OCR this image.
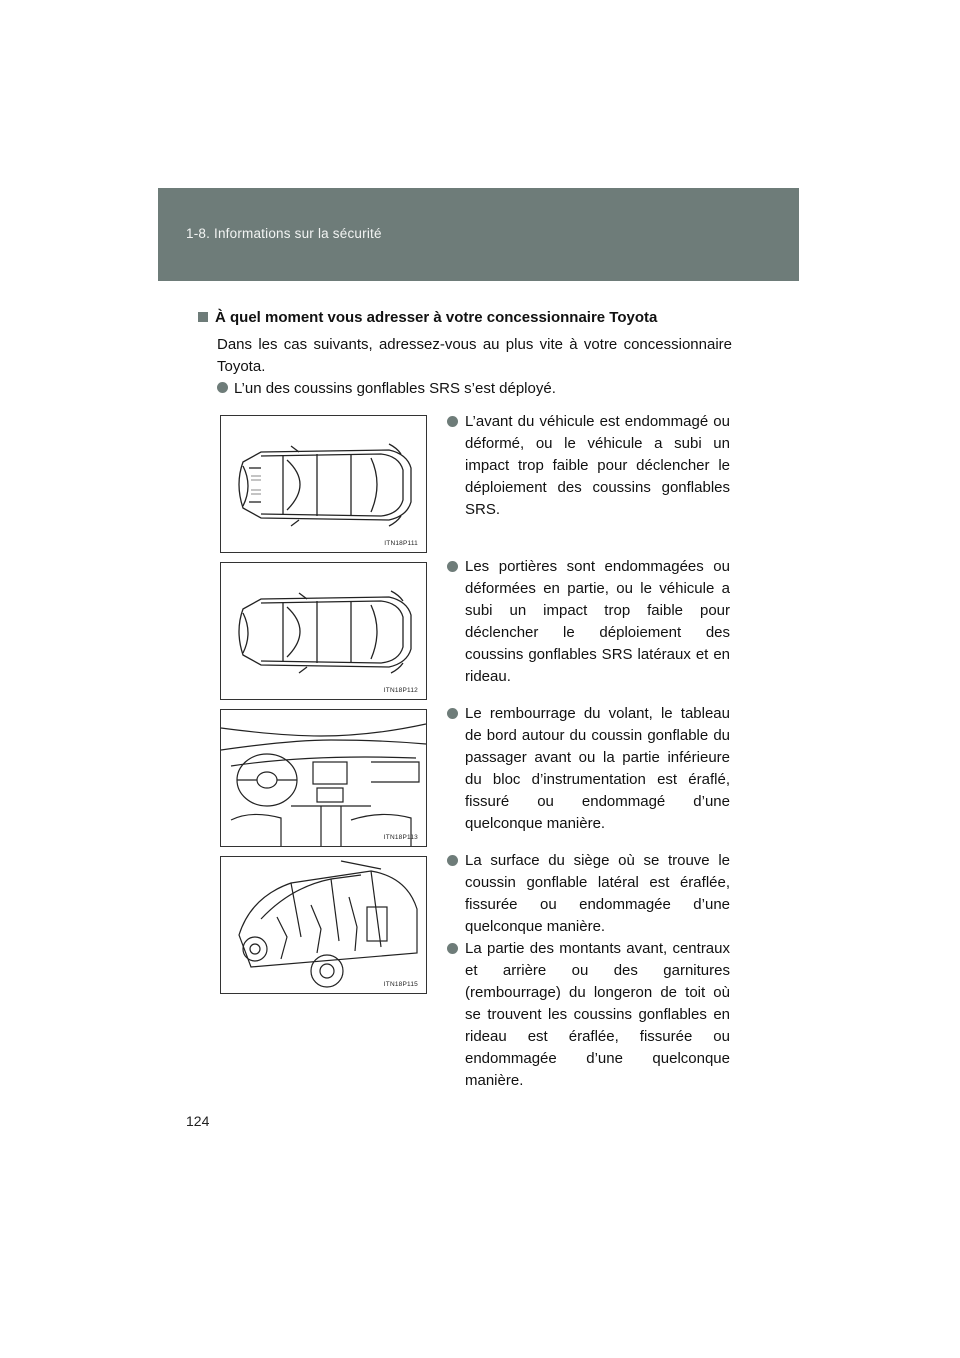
1-8. Informations sur la sécurité
À quel moment vous adresser à votre concessionnaire Toyota
Dans les cas suivants, adressez-vous au plus vite à votre concessionnaire Toyota.
L’un des coussins gonflables SRS s’est déployé.
ITN18P111
L’avant du véhicule est endommagé ou déformé, ou le véhicule a subi un impact trop faible pour déclencher le déploiement des coussins gonflables SRS.
ITN18P112
Les portières sont endommagées ou déformées en partie, ou le véhicule a subi un impact trop faible pour déclencher le déploiement des coussins gonflables SRS latéraux et en rideau.
ITN18P113
Le rembourrage du volant, le tableau de bord autour du coussin gonflable du passager avant ou la partie inférieure du bloc d’instrumentation est éraflé, fissuré ou endommagé d’une quelconque manière.
ITN18P115
La surface du siège où se trouve le coussin gonflable latéral est éraflée, fissurée ou endommagée d’une quelconque manière.
La partie des montants avant, centraux et arrière ou des garnitures (rembourrage) du longeron de toit où se trouvent les coussins gonflables en rideau est éraflée, fissurée ou endommagée d’une quelconque manière.
124
